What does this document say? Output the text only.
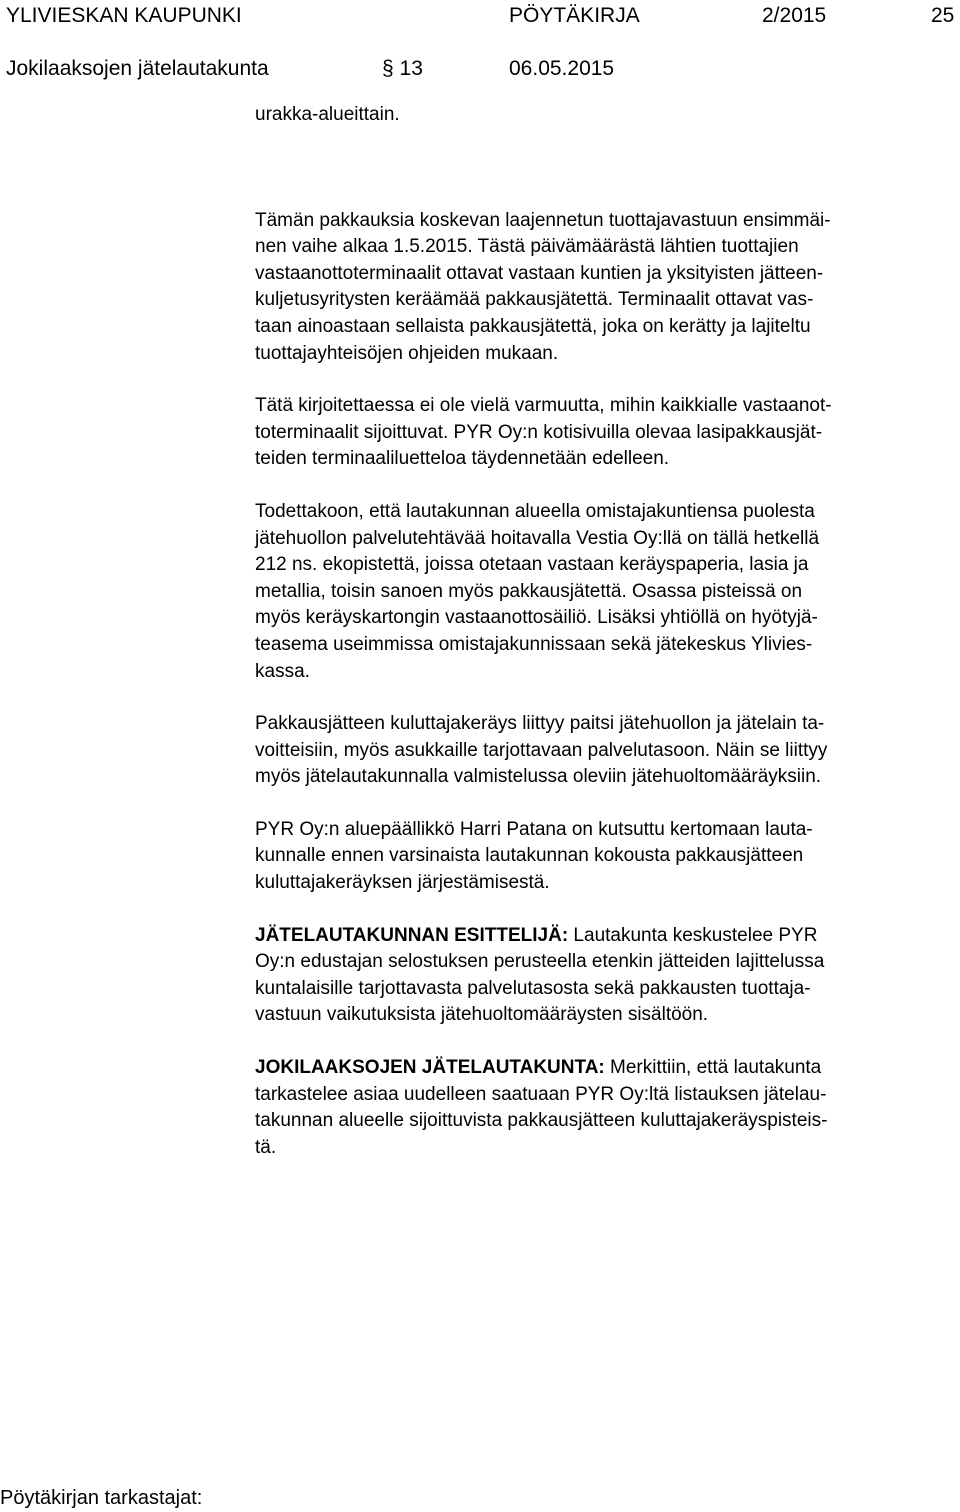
YLIVIESKAN KAUPUNKI	PÖYTÄKIRJA	2/2015	25
Jokilaaksojen jätelautakunta	§ 13	06.05.2015

urakka-alueittain.

Tämän pakkauksia koskevan laajennetun tuottajavastuun ensimmäi-
nen vaihe alkaa 1.5.2015. Tästä päivämäärästä lähtien tuottajien
vastaanottoterminaalit ottavat vastaan kuntien ja yksityisten jätteen-
kuljetusyritysten keräämää pakkausjätettä. Terminaalit ottavat vas-
taan ainoastaan sellaista pakkausjätettä, joka on kerätty ja lajiteltu
tuottajayhteisöjen ohjeiden mukaan.

Tätä kirjoitettaessa ei ole vielä varmuutta, mihin kaikkialle vastaanot-
toterminaalit sijoittuvat. PYR Oy:n kotisivuilla olevaa lasipakkausjät-
teiden terminaaliluetteloa täydennetään edelleen.

Todettakoon, että lautakunnan alueella omistajakuntiensa puolesta
jätehuollon palvelutehtävää hoitavalla Vestia Oy:llä on tällä hetkellä
212 ns. ekopistettä, joissa otetaan vastaan keräyspaperia, lasia ja
metallia, toisin sanoen myös pakkausjätettä. Osassa pisteissä on
myös keräyskartongin vastaanottosäiliö. Lisäksi yhtiöllä on hyötyjä-
teasema useimmissa omistajakunnissaan sekä jätekeskus Ylivies-
kassa.

Pakkausjätteen kuluttajakeräys liittyy paitsi jätehuollon ja jätelain ta-
voitteisiin, myös asukkaille tarjottavaan palvelutasoon. Näin se liittyy
myös jätelautakunnalla valmistelussa oleviin jätehuoltomääräyksiin.

PYR Oy:n aluepäällikkö Harri Patana on kutsuttu kertomaan lauta-
kunnalle ennen varsinaista lautakunnan kokousta pakkausjätteen
kuluttajakeräyksen järjestämisestä.

JÄTELAUTAKUNNAN ESITTELIJÄ: Lautakunta keskustelee PYR
Oy:n edustajan selostuksen perusteella etenkin jätteiden lajittelussa
kuntalaisille tarjottavasta palvelutasosta sekä pakkausten tuottaja-
vastuun vaikutuksista jätehuoltomääräysten sisältöön.

JOKILAAKSOJEN JÄTELAUTAKUNTA: Merkittiin, että lautakunta
tarkastelee asiaa uudelleen saatuaan PYR Oy:ltä listauksen jätelau-
takunnan alueelle sijoittuvista pakkausjätteen kuluttajakeräyspisteis-
tä.

Pöytäkirjan tarkastajat:
